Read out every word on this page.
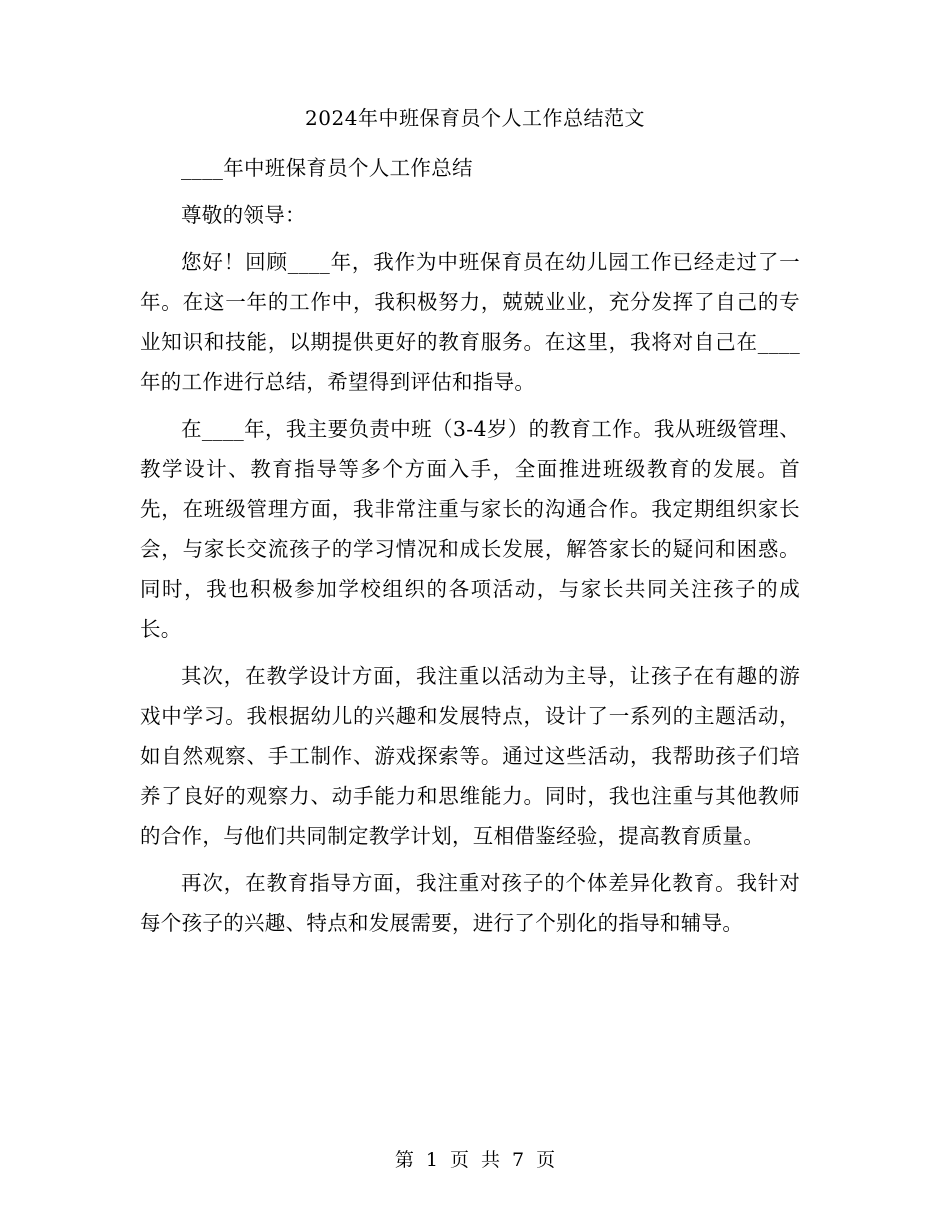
2024年中班保育员个人工作总结范文

____年中班保育员个人工作总结

尊敬的领导：

您好！回顾____年，我作为中班保育员在幼儿园工作已经走过了一年。在这一年的工作中，我积极努力，兢兢业业，充分发挥了自己的专业知识和技能，以期提供更好的教育服务。在这里，我将对自己在____年的工作进行总结，希望得到评估和指导。

在____年，我主要负责中班（3-4岁）的教育工作。我从班级管理、教学设计、教育指导等多个方面入手，全面推进班级教育的发展。首先，在班级管理方面，我非常注重与家长的沟通合作。我定期组织家长会，与家长交流孩子的学习情况和成长发展，解答家长的疑问和困惑。同时，我也积极参加学校组织的各项活动，与家长共同关注孩子的成长。

其次，在教学设计方面，我注重以活动为主导，让孩子在有趣的游戏中学习。我根据幼儿的兴趣和发展特点，设计了一系列的主题活动，如自然观察、手工制作、游戏探索等。通过这些活动，我帮助孩子们培养了良好的观察力、动手能力和思维能力。同时，我也注重与其他教师的合作，与他们共同制定教学计划，互相借鉴经验，提高教育质量。

再次，在教育指导方面，我注重对孩子的个体差异化教育。我针对每个孩子的兴趣、特点和发展需要，进行了个别化的指导和辅导。

第 1 页 共 7 页
